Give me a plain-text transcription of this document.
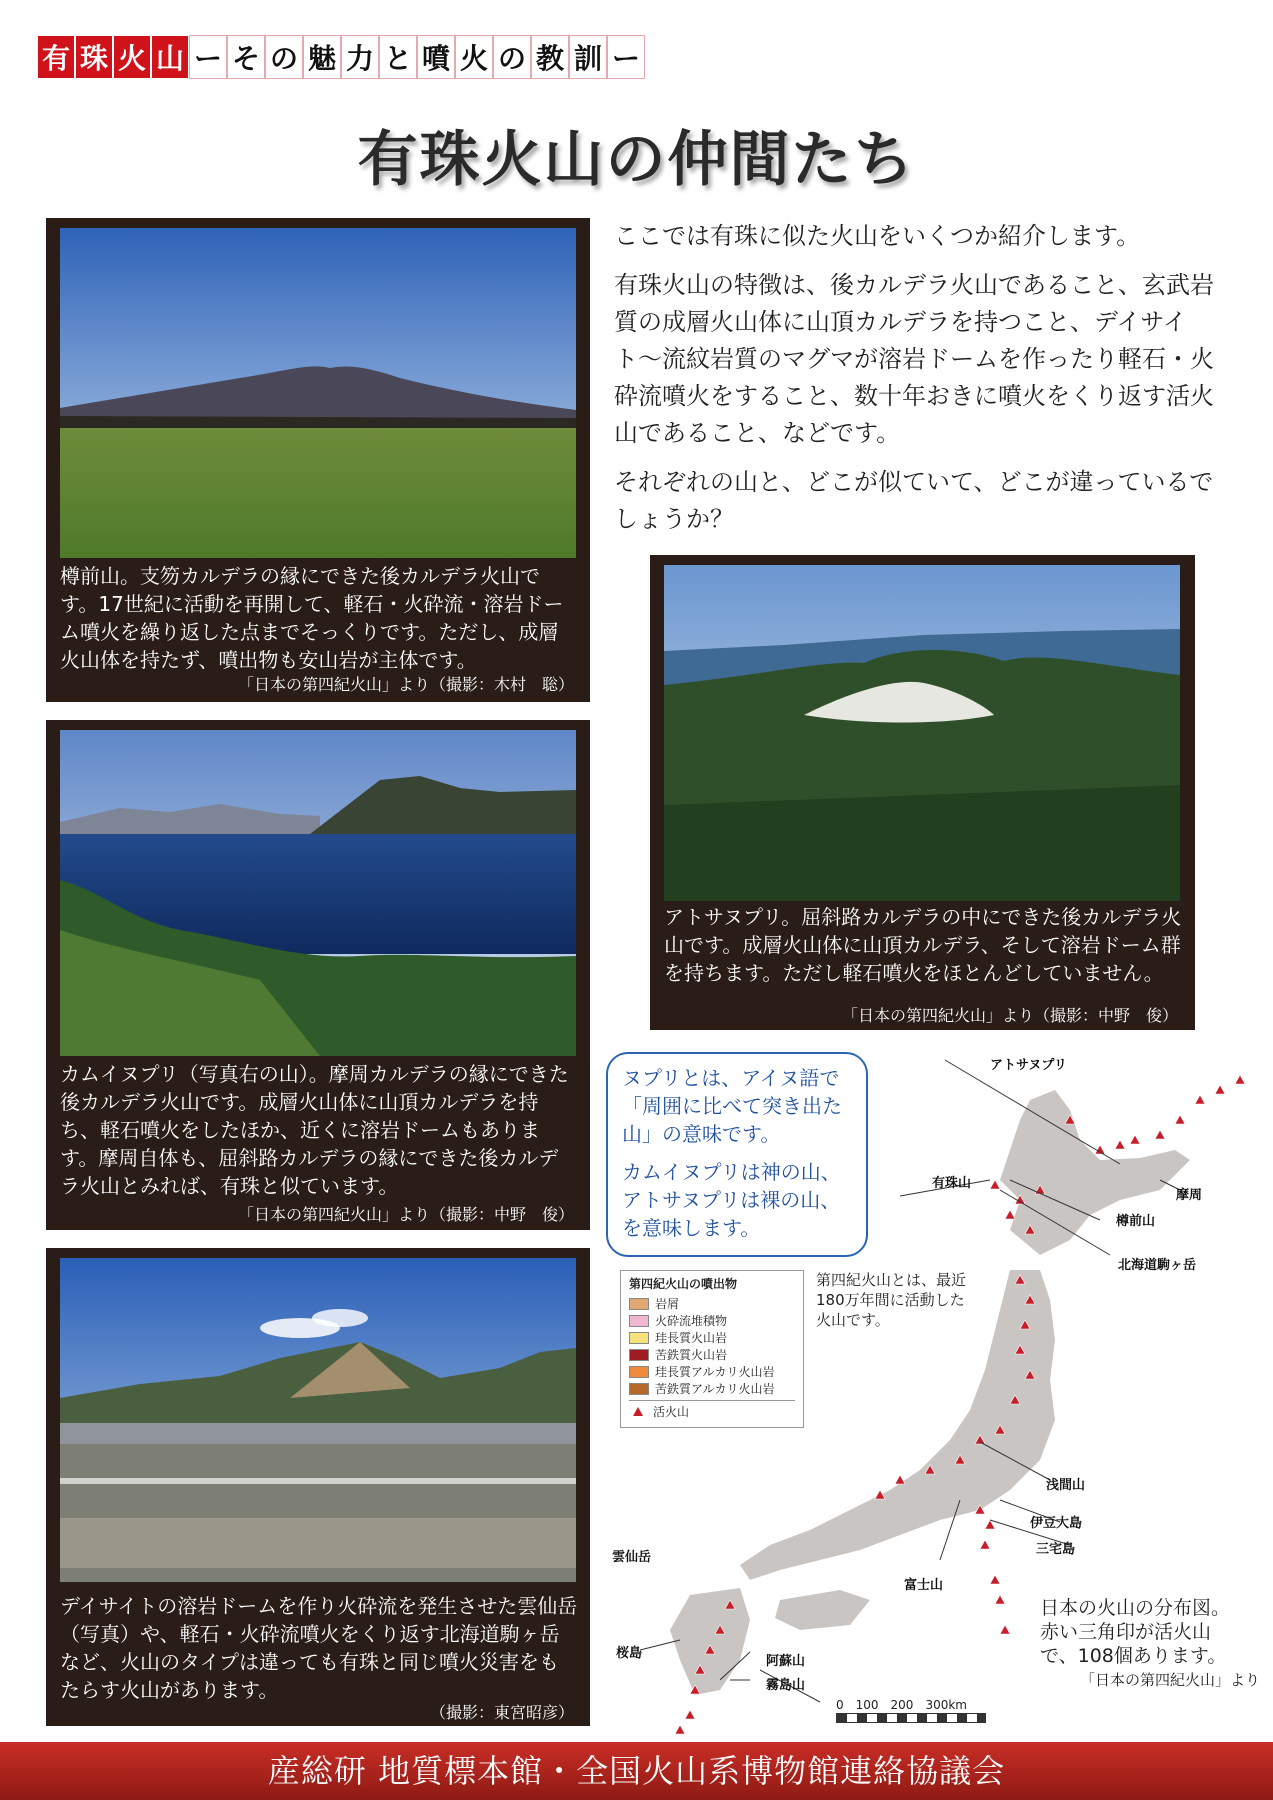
有 珠 火 山 ー そ の 魅 力 と 噴 火 の 教 訓 ー
有珠火山の仲間たち
樽前山。支笏カルデラの縁にできた後カルデラ火山です。17世紀に活動を再開して、軽石・火砕流・溶岩ドーム噴火を繰り返した点までそっくりです。ただし、成層火山体を持たず、噴出物も安山岩が主体です。
「日本の第四紀火山」より（撮影：木村　聡）
カムイヌプリ（写真右の山）。摩周カルデラの縁にできた後カルデラ火山です。成層火山体に山頂カルデラを持ち、軽石噴火をしたほか、近くに溶岩ドームもあります。摩周自体も、屈斜路カルデラの縁にできた後カルデラ火山とみれば、有珠と似ています。
「日本の第四紀火山」より（撮影：中野　俊）
デイサイトの溶岩ドームを作り火砕流を発生させた雲仙岳（写真）や、軽石・火砕流噴火をくり返す北海道駒ヶ岳など、火山のタイプは違っても有珠と同じ噴火災害をもたらす火山があります。
（撮影：東宮昭彦）

ここでは有珠に似た火山をいくつか紹介します。

有珠火山の特徴は、後カルデラ火山であること、玄武岩質の成層火山体に山頂カルデラを持つこと、デイサイト〜流紋岩質のマグマが溶岩ドームを作ったり軽石・火砕流噴火をすること、数十年おきに噴火をくり返す活火山であること、などです。

それぞれの山と、どこが似ていて、どこが違っているでしょうか？

アトサヌプリ。屈斜路カルデラの中にできた後カルデラ火山です。成層火山体に山頂カルデラ、そして溶岩ドーム群を持ちます。ただし軽石噴火をほとんどしていません。
「日本の第四紀火山」より（撮影：中野　俊）

ヌプリとは、アイヌ語で「周囲に比べて突き出た山」の意味です。

カムイヌプリは神の山、アトサヌプリは裸の山、を意味します。

第四紀火山とは、最近180万年間に活動した火山です。
アトサヌプリ
摩周
有珠山
樽前山
北海道駒ヶ岳
浅間山
伊豆大島
三宅島
富士山
雲仙岳
阿蘇山
桜島
霧島山
第四紀火山の噴出物
岩屑
火砕流堆積物
珪長質火山岩
苦鉄質火山岩
珪長質アルカリ火山岩
苦鉄質アルカリ火山岩
活火山
日本の火山の分布図。
赤い三角印が活火山
で、108個あります。
「日本の第四紀火山」より
0　100　200　300km
産総研 地質標本館・全国火山系博物館連絡協議会
